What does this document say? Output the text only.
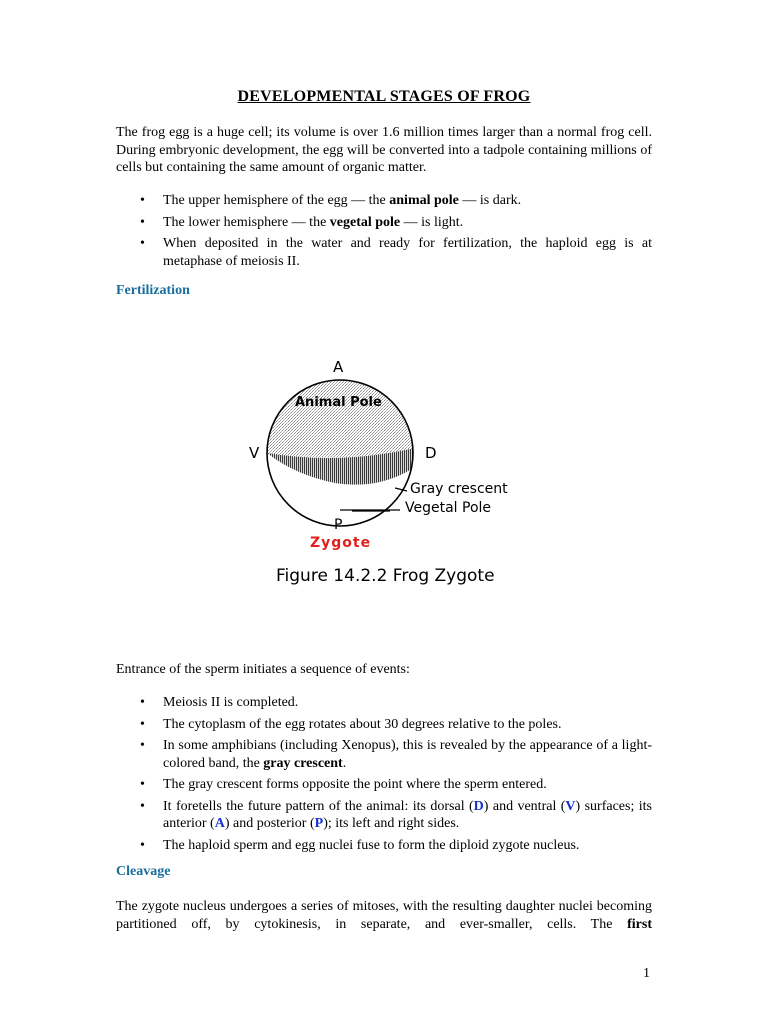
DEVELOPMENTAL STAGES OF FROG
The frog egg is a huge cell; its volume is over 1.6 million times larger than a normal frog cell. During embryonic development, the egg will be converted into a tadpole containing millions of cells but containing the same amount of organic matter.
• The upper hemisphere of the egg — the animal pole — is dark.
• The lower hemisphere — the vegetal pole — is light.
• When deposited in the water and ready for fertilization, the haploid egg is at metaphase of meiosis II.
Fertilization
A
Animal Pole
V	D
Gray crescent
Vegetal Pole
P
Zygote
Figure 14.2.2 Frog Zygote
Entrance of the sperm initiates a sequence of events:
• Meiosis II is completed.
• The cytoplasm of the egg rotates about 30 degrees relative to the poles.
• In some amphibians (including Xenopus), this is revealed by the appearance of a light-colored band, the gray crescent.
• The gray crescent forms opposite the point where the sperm entered.
• It foretells the future pattern of the animal: its dorsal (D) and ventral (V) surfaces; its anterior (A) and posterior (P); its left and right sides.
• The haploid sperm and egg nuclei fuse to form the diploid zygote nucleus.
Cleavage
The zygote nucleus undergoes a series of mitoses, with the resulting daughter nuclei becoming partitioned off, by cytokinesis, in separate, and ever-smaller, cells. The first
1
